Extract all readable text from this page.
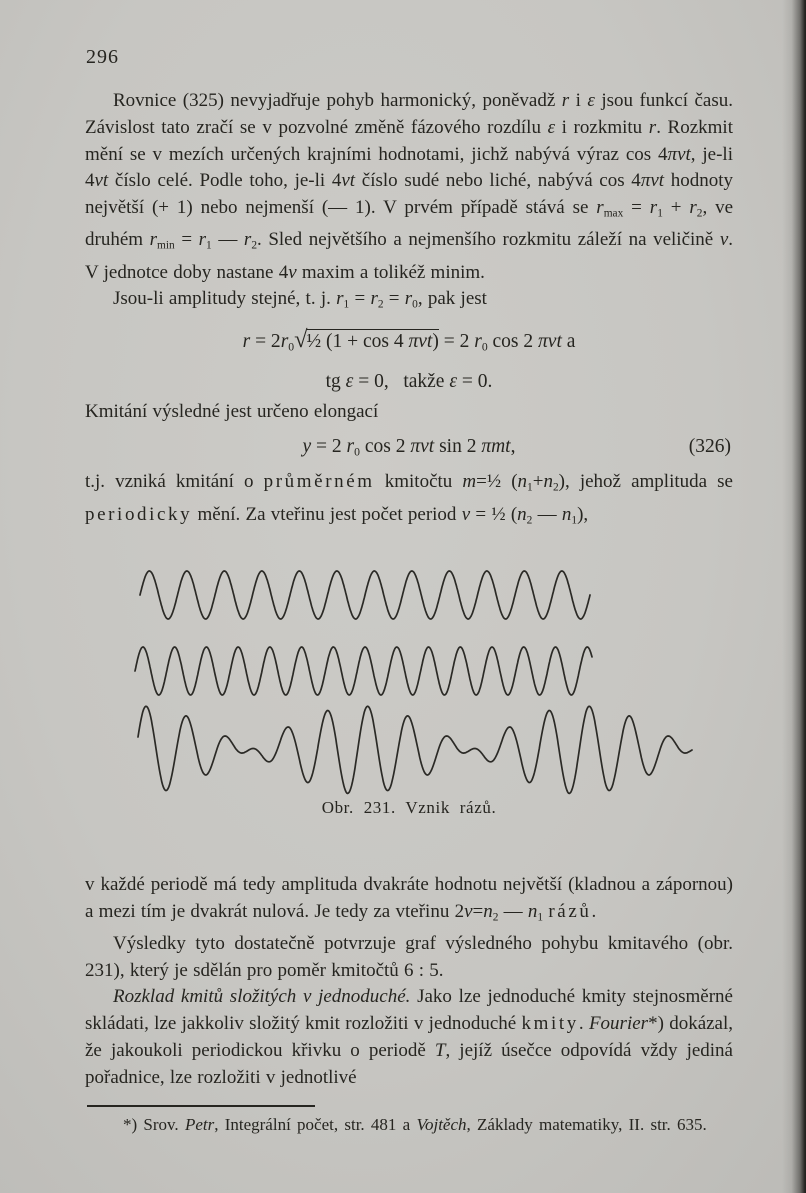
296

Rovnice (325) nevyjadřuje pohyb harmonický, poněvadž r i ε jsou funkcí času. Závislost tato zračí se v pozvolné změně fázového rozdílu ε i rozkmitu r. Rozkmit mění se v mezích určených krajními hodnotami, jichž nabývá výraz cos 4πνt, je-li 4νt číslo celé. Podle toho, je-li 4νt číslo sudé nebo liché, nabývá cos 4πνt hodnoty největší (+ 1) nebo nejmenší (— 1). V prvém případě stává se rmax = r1 + r2, ve druhém rmin = r1 — r2. Sled největšího a nejmenšího rozkmitu záleží na veličině ν. V jednotce doby nastane 4ν maxim a tolikéž minim.

Jsou-li amplitudy stejné, t. j. r1 = r2 = r0, pak jest

r = 2r0√½ (1 + cos 4 πνt) = 2 r0 cos 2 πνt a
tg ε = 0,  takže ε = 0.

Kmitání výsledné jest určeno elongací

y = 2 r0 cos 2 πνt sin 2 πmt,	(326)

t.j. vzniká kmitání o průměrném kmitočtu m=½ (n1+n2), jehož amplituda se periodicky mění. Za vteřinu jest počet period ν = ½ (n2 — n1),

Obr. 231. Vznik rázů.

v každé periodě má tedy amplituda dvakráte hodnotu největší (kladnou a zápornou) a mezi tím je dvakrát nulová. Je tedy za vteřinu 2ν=n2 — n1 rázů.

Výsledky tyto dostatečně potvrzuje graf výsledného pohybu kmitavého (obr. 231), který je sdělán pro poměr kmitočtů 6 : 5.

Rozklad kmitů složitých v jednoduché. Jako lze jednoduché kmity stejnosměrné skládati, lze jakkoliv složitý kmit rozložiti v jednoduché kmity. Fourier*) dokázal, že jakoukoli periodickou křivku o periodě T, jejíž úsečce odpovídá vždy jediná pořadnice, lze rozložiti v jednotlivé

*) Srov. Petr, Integrální počet, str. 481 a Vojtěch, Základy matematiky, II. str. 635.
